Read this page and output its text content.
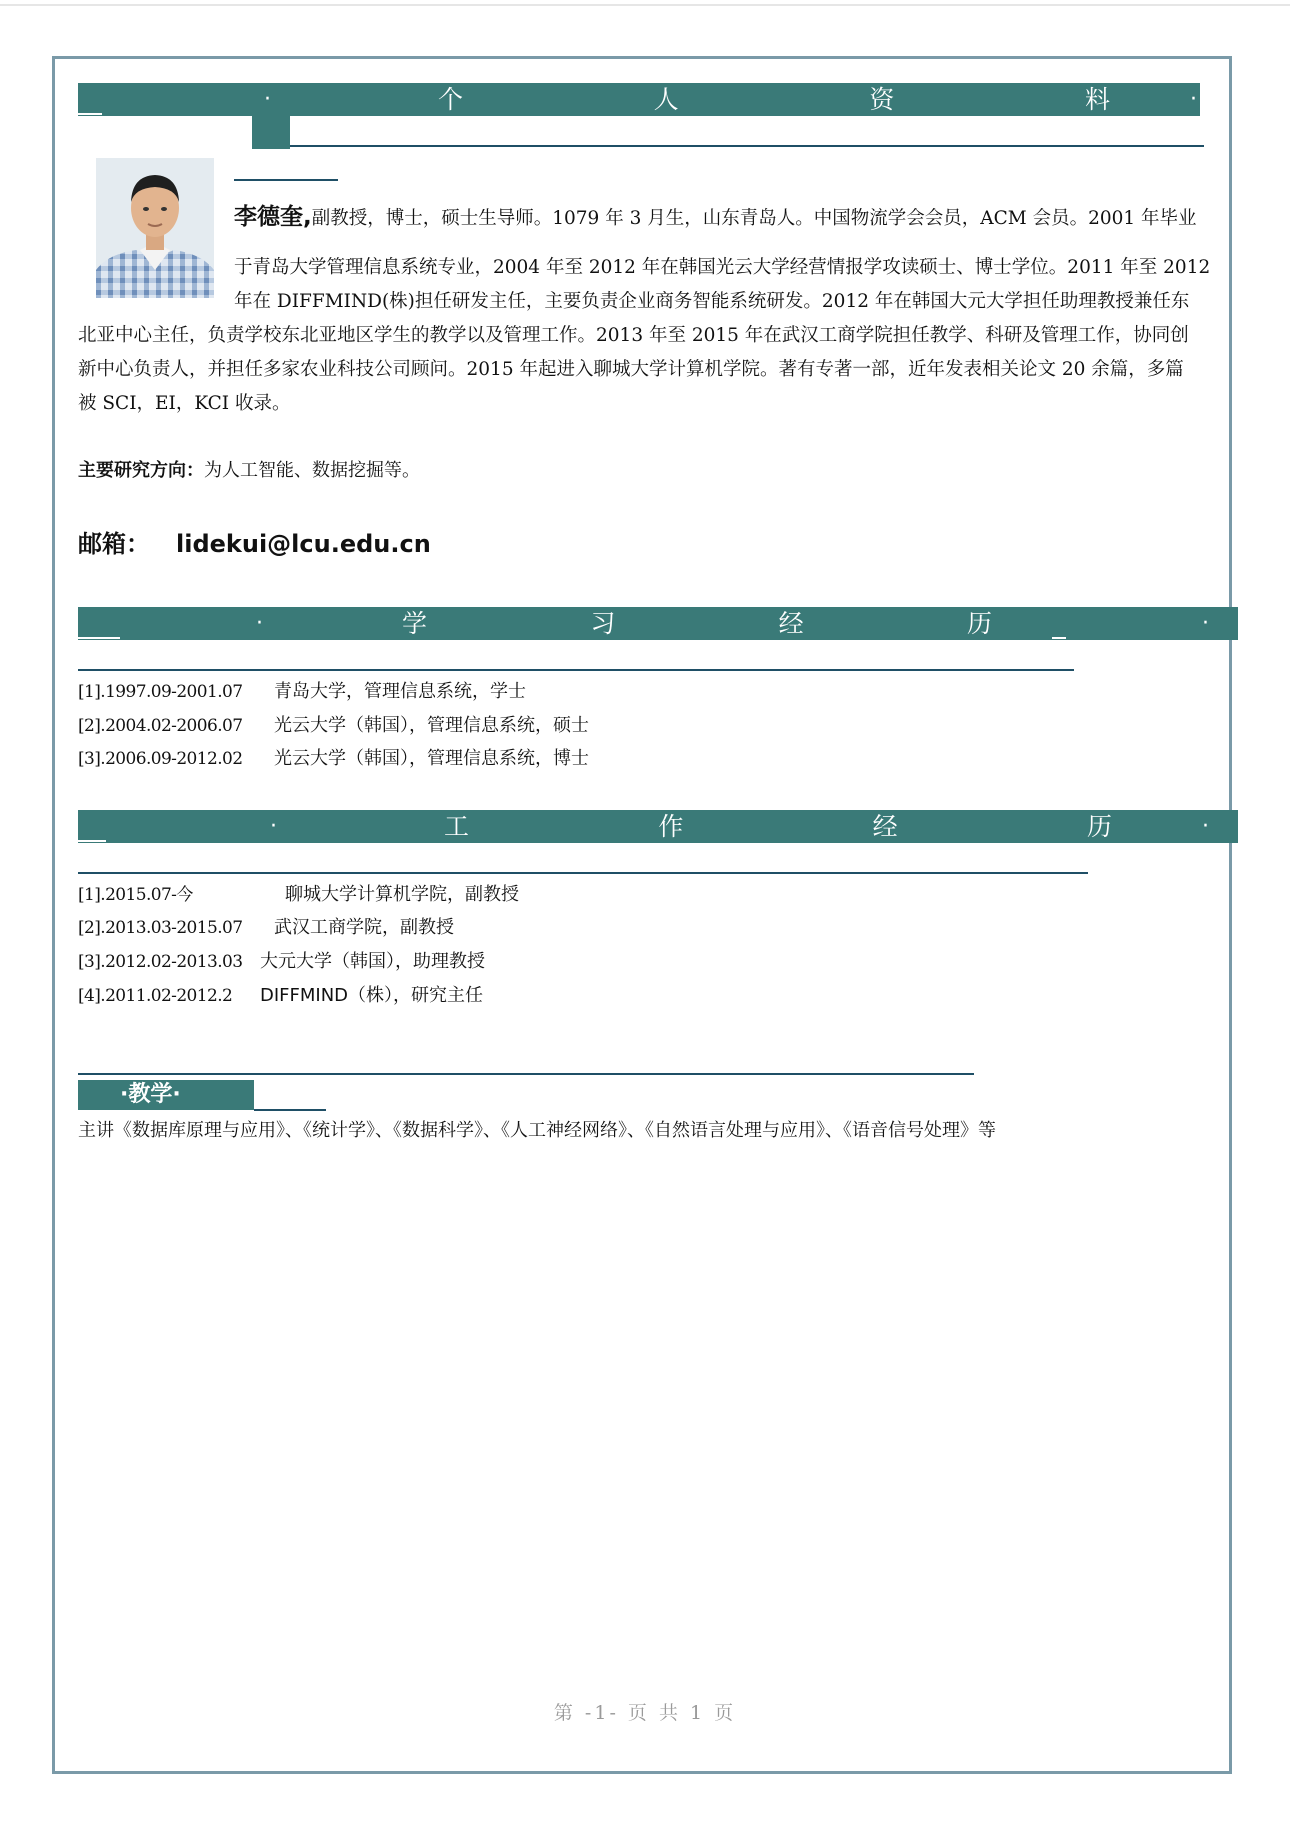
·	个	人	资	料	·
李德奎,副教授，博士，硕士生导师。1079 年 3 月生，山东青岛人。中国物流学会会员，ACM 会员。2001 年毕业
于青岛大学管理信息系统专业，2004 年至 2012 年在韩国光云大学经营情报学攻读硕士、博士学位。2011 年至 2012
年在 DIFFMIND(株)担任研发主任，主要负责企业商务智能系统研发。2012 年在韩国大元大学担任助理教授兼任东
北亚中心主任，负责学校东北亚地区学生的教学以及管理工作。2013 年至 2015 年在武汉工商学院担任教学、科研及管理工作，协同创
新中心负责人，并担任多家农业科技公司顾问。2015 年起进入聊城大学计算机学院。著有专著一部，近年发表相关论文 20 余篇，多篇
被 SCI，EI，KCI 收录。
主要研究方向：为人工智能、数据挖掘等。
邮箱： lidekui@lcu.edu.cn
·	学	习	经	历	·
[1].1997.09-2001.07 青岛大学，管理信息系统，学士
[2].2004.02-2006.07 光云大学（韩国），管理信息系统，硕士
[3].2006.09-2012.02 光云大学（韩国），管理信息系统，博士
·	工	作	经	历	·
[1].2015.07-今	聊城大学计算机学院，副教授
[2].2013.03-2015.07 武汉工商学院，副教授
[3].2012.02-2013.03 大元大学（韩国），助理教授
[4].2011.02-2012.2 DIFFMIND（株），研究主任
·教学·
主讲《数据库原理与应用》、《统计学》、《数据科学》、《人工神经网络》、《自然语言处理与应用》、《语音信号处理》等
第 -1- 页 共 1 页
